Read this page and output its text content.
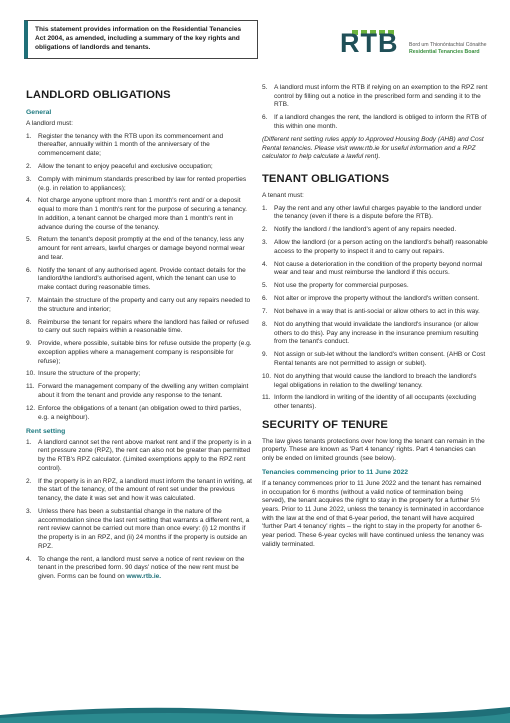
This statement provides information on the Residential Tenancies Act 2004, as amended, including a summary of the key rights and obligations of landlords and tenants.	RTB Bord um Thionóntachtaí Cónaithe
Residential Tenancies Board
LANDLORD OBLIGATIONS
General

A landlord must:

1. Register the tenancy with the RTB upon its commencement and thereafter, annually within 1 month of the anniversary of the commencement date;
2. Allow the tenant to enjoy peaceful and exclusive occupation;
3. Comply with minimum standards prescribed by law for rented properties (e.g. in relation to appliances);
4. Not charge anyone upfront more than 1 month's rent and/ or a deposit equal to more than 1 month's rent for the purpose of securing a tenancy. In addition, a tenant cannot be charged more than 1 month's rent in advance during the course of the tenancy.
5. Return the tenant's deposit promptly at the end of the tenancy, less any amount for rent arrears, lawful charges or damage beyond normal wear and tear.
6. Notify the tenant of any authorised agent. Provide contact details for the landlord/the landlord's authorised agent, which the tenant can use to make contact during reasonable times.
7. Maintain the structure of the property and carry out any repairs needed to the structure and interior;
8. Reimburse the tenant for repairs where the landlord has failed or refused to carry out such repairs within a reasonable time.
9. Provide, where possible, suitable bins for refuse outside the property (e.g. exception applies where a management company is responsible for refuse);
10. Insure the structure of the property;
11. Forward the management company of the dwelling any written complaint about it from the tenant and provide any response to the tenant.
12. Enforce the obligations of a tenant (an obligation owed to third parties, e.g. a neighbour).
Rent setting
1. A landlord cannot set the rent above market rent and if the property is in a rent pressure zone (RPZ), the rent can also not be greater than permitted by the RTB's RPZ calculator. (Limited exemptions apply to the RPZ rent control).
2. If the property is in an RPZ, a landlord must inform the tenant in writing, at the start of the tenancy, of the amount of rent set under the previous tenancy, the date it was set and how it was calculated.
3. Unless there has been a substantial change in the nature of the accommodation since the last rent setting that warrants a different rent, a rent review cannot be carried out more than once every: (i) 12 months if the property is in an RPZ, and (ii) 24 months if the property is outside an RPZ.
4. To change the rent, a landlord must serve a notice of rent review on the tenant in the prescribed form. 90 days' notice of the new rent must be given. Forms can be found on www.rtb.ie.
5. A landlord must inform the RTB if relying on an exemption to the RPZ rent control by filling out a notice in the prescribed form and sending it to the RTB.
6. If a landlord changes the rent, the landlord is obliged to inform the RTB of this within one month.

(Different rent setting rules apply to Approved Housing Body (AHB) and Cost Rental tenancies. Please visit www.rtb.ie for useful information and a RPZ calculator to help calculate a lawful rent).

TENANT OBLIGATIONS

A tenant must:

1. Pay the rent and any other lawful charges payable to the landlord under the tenancy (even if there is a dispute before the RTB).
2. Notify the landlord / the landlord's agent of any repairs needed.
3. Allow the landlord (or a person acting on the landlord's behalf) reasonable access to the property to inspect it and to carry out repairs.
4. Not cause a deterioration in the condition of the property beyond normal wear and tear and must reimburse the landlord if this occurs.
5. Not use the property for commercial purposes.
6. Not alter or improve the property without the landlord's written consent.
7. Not behave in a way that is anti-social or allow others to act in this way.
8. Not do anything that would invalidate the landlord's insurance (or allow others to do this). Pay any increase in the insurance premium resulting from the tenant's conduct.
9. Not assign or sub-let without the landlord's written consent. (AHB or Cost Rental tenants are not permitted to assign or sublet).
10. Not do anything that would cause the landlord to breach the landlord's legal obligations in relation to the dwelling/ tenancy.
11. Inform the landlord in writing of the identity of all occupants (excluding other tenants).
SECURITY OF TENURE

The law gives tenants protections over how long the tenant can remain in the property. These are known as 'Part 4 tenancy' rights. Part 4 tenancies can only be ended on limited grounds (see below).

Tenancies commencing prior to 11 June 2022

If a tenancy commences prior to 11 June 2022 and the tenant has remained in occupation for 6 months (without a valid notice of termination being served), the tenant acquires the right to stay in the property for a further 5½ years. Prior to 11 June 2022, unless the tenancy is terminated in accordance with the law at the end of that 6-year period, the tenant will have acquired 'further Part 4 tenancy' rights – the right to stay in the property for another 6-year period. These 6-year cycles will have continued unless the tenancy was validly terminated.
